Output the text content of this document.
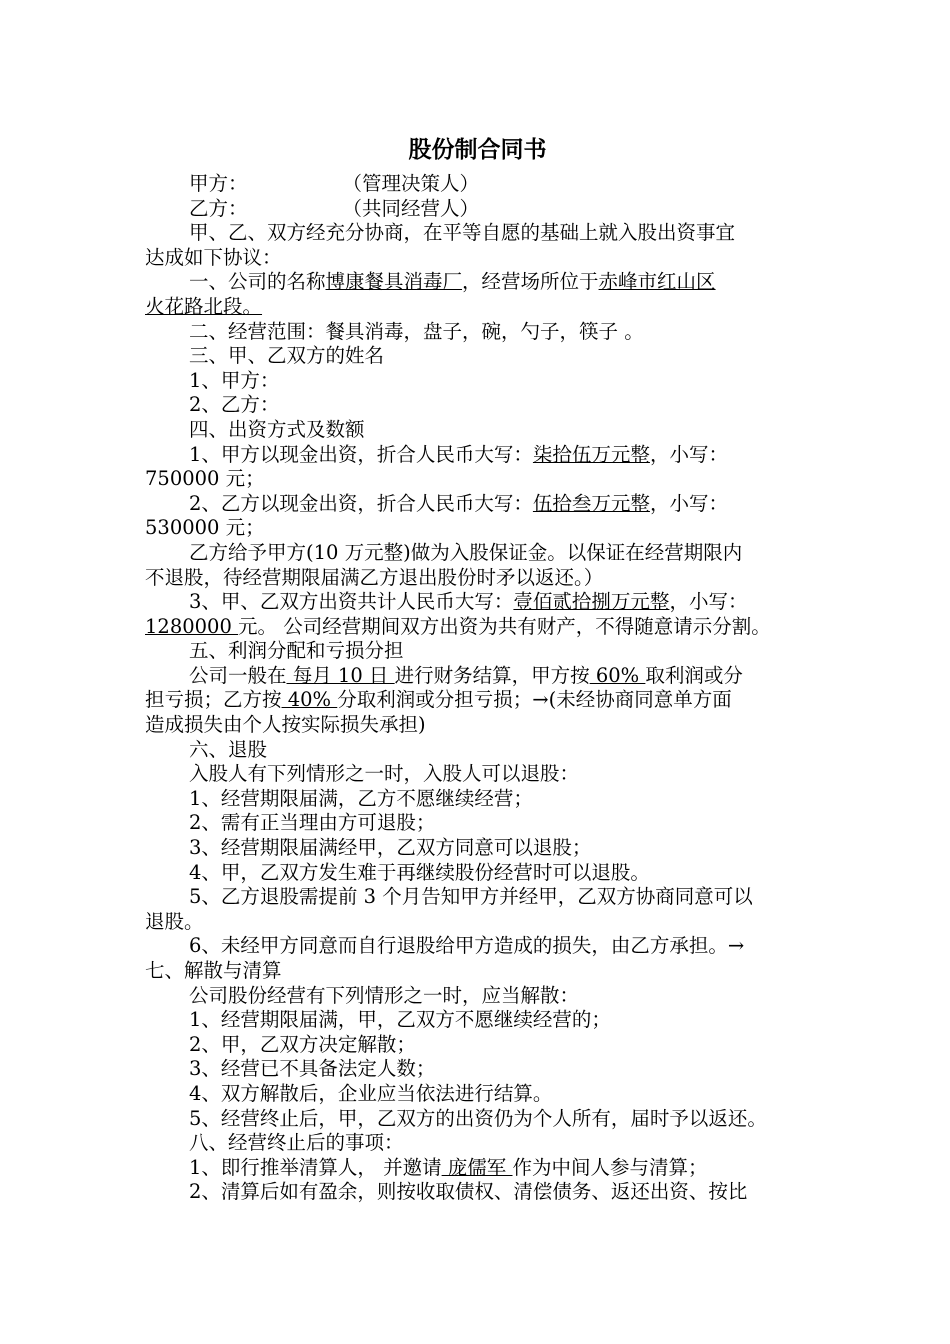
股份制合同书

甲方：	（管理决策人）

乙方：	（共同经营人）

甲、乙、双方经充分协商，在平等自愿的基础上就入股出资事宜

达成如下协议：

一、公司的名称博康餐具消毒厂，经营场所位于赤峰市红山区

火花路北段。

二、经营范围：餐具消毒，盘子，碗，勺子，筷子 。

三、甲、乙双方的姓名

1、甲方：

2、乙方：

四、出资方式及数额

1、甲方以现金出资，折合人民币大写：柒拾伍万元整，小写：

750000 元；

2、乙方以现金出资，折合人民币大写：伍拾叁万元整，小写：

530000 元；

乙方给予甲方(10 万元整)做为入股保证金。以保证在经营期限内

不退股，待经营期限届满乙方退出股份时矛以返还。）

3、甲、乙双方出资共计人民币大写：壹佰贰拾捌万元整，小写：

1280000 元。 公司经营期间双方出资为共有财产，不得随意请示分割。

五、利润分配和亏损分担

公司一般在 每月 10 日 进行财务结算，甲方按 60% 取利润或分

担亏损；乙方按 40% 分取利润或分担亏损；→(未经协商同意单方面

造成损失由个人按实际损失承担)

六、退股

入股人有下列情形之一时，入股人可以退股：

1、经营期限届满，乙方不愿继续经营；

2、需有正当理由方可退股；

3、经营期限届满经甲，乙双方同意可以退股；

4、甲，乙双方发生难于再继续股份经营时可以退股。

5、乙方退股需提前 3 个月告知甲方并经甲，乙双方协商同意可以

退股。

6、未经甲方同意而自行退股给甲方造成的损失，由乙方承担。→

七、解散与清算

公司股份经营有下列情形之一时，应当解散：

1、经营期限届满，甲，乙双方不愿继续经营的；

2、甲，乙双方决定解散；

3、经营已不具备法定人数；

4、双方解散后，企业应当依法进行结算。

5、经营终止后，甲，乙双方的出资仍为个人所有，届时予以返还。

八、经营终止后的事项：

1、即行推举清算人， 并邀请 庞儒军 作为中间人参与清算；

2、清算后如有盈余，则按收取债权、清偿债务、返还出资、按比
